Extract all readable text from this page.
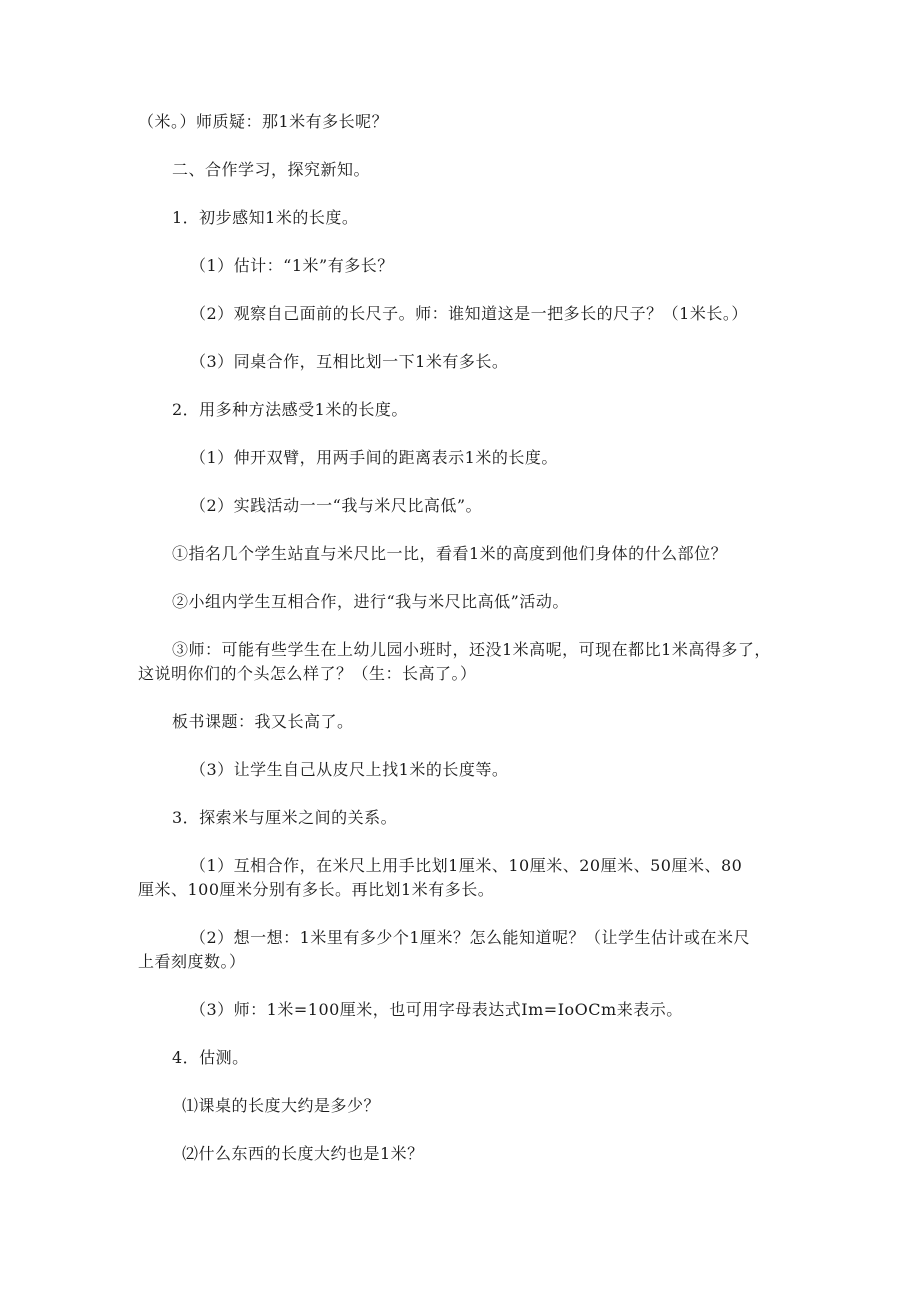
（米。）师质疑：那1米有多长呢？
二、合作学习，探究新知。
1．初步感知1米的长度。
（1）估计：“1米”有多长？
（2）观察自己面前的长尺子。师：谁知道这是一把多长的尺子？（1米长。）
（3）同桌合作，互相比划一下1米有多长。
2．用多种方法感受1米的长度。
（1）伸开双臂，用两手间的距离表示1米的长度。
（2）实践活动一一“我与米尺比高低”。
①指名几个学生站直与米尺比一比，看看1米的高度到他们身体的什么部位？
②小组内学生互相合作，进行“我与米尺比高低”活动。
③师：可能有些学生在上幼儿园小班时，还没1米高呢，可现在都比1米高得多了，
这说明你们的个头怎么样了？（生：长高了。）
板书课题：我又长高了。
（3）让学生自己从皮尺上找1米的长度等。
3．探索米与厘米之间的关系。
（1）互相合作，在米尺上用手比划1厘米、10厘米、20厘米、50厘米、80
厘米、100厘米分别有多长。再比划1米有多长。
（2）想一想：1米里有多少个1厘米？怎么能知道呢？（让学生估计或在米尺
上看刻度数。）
（3）师：1米=100厘米，也可用字母表达式Im=IoOCm来表示。
4．估测。
⑴课桌的长度大约是多少？
⑵什么东西的长度大约也是1米？
